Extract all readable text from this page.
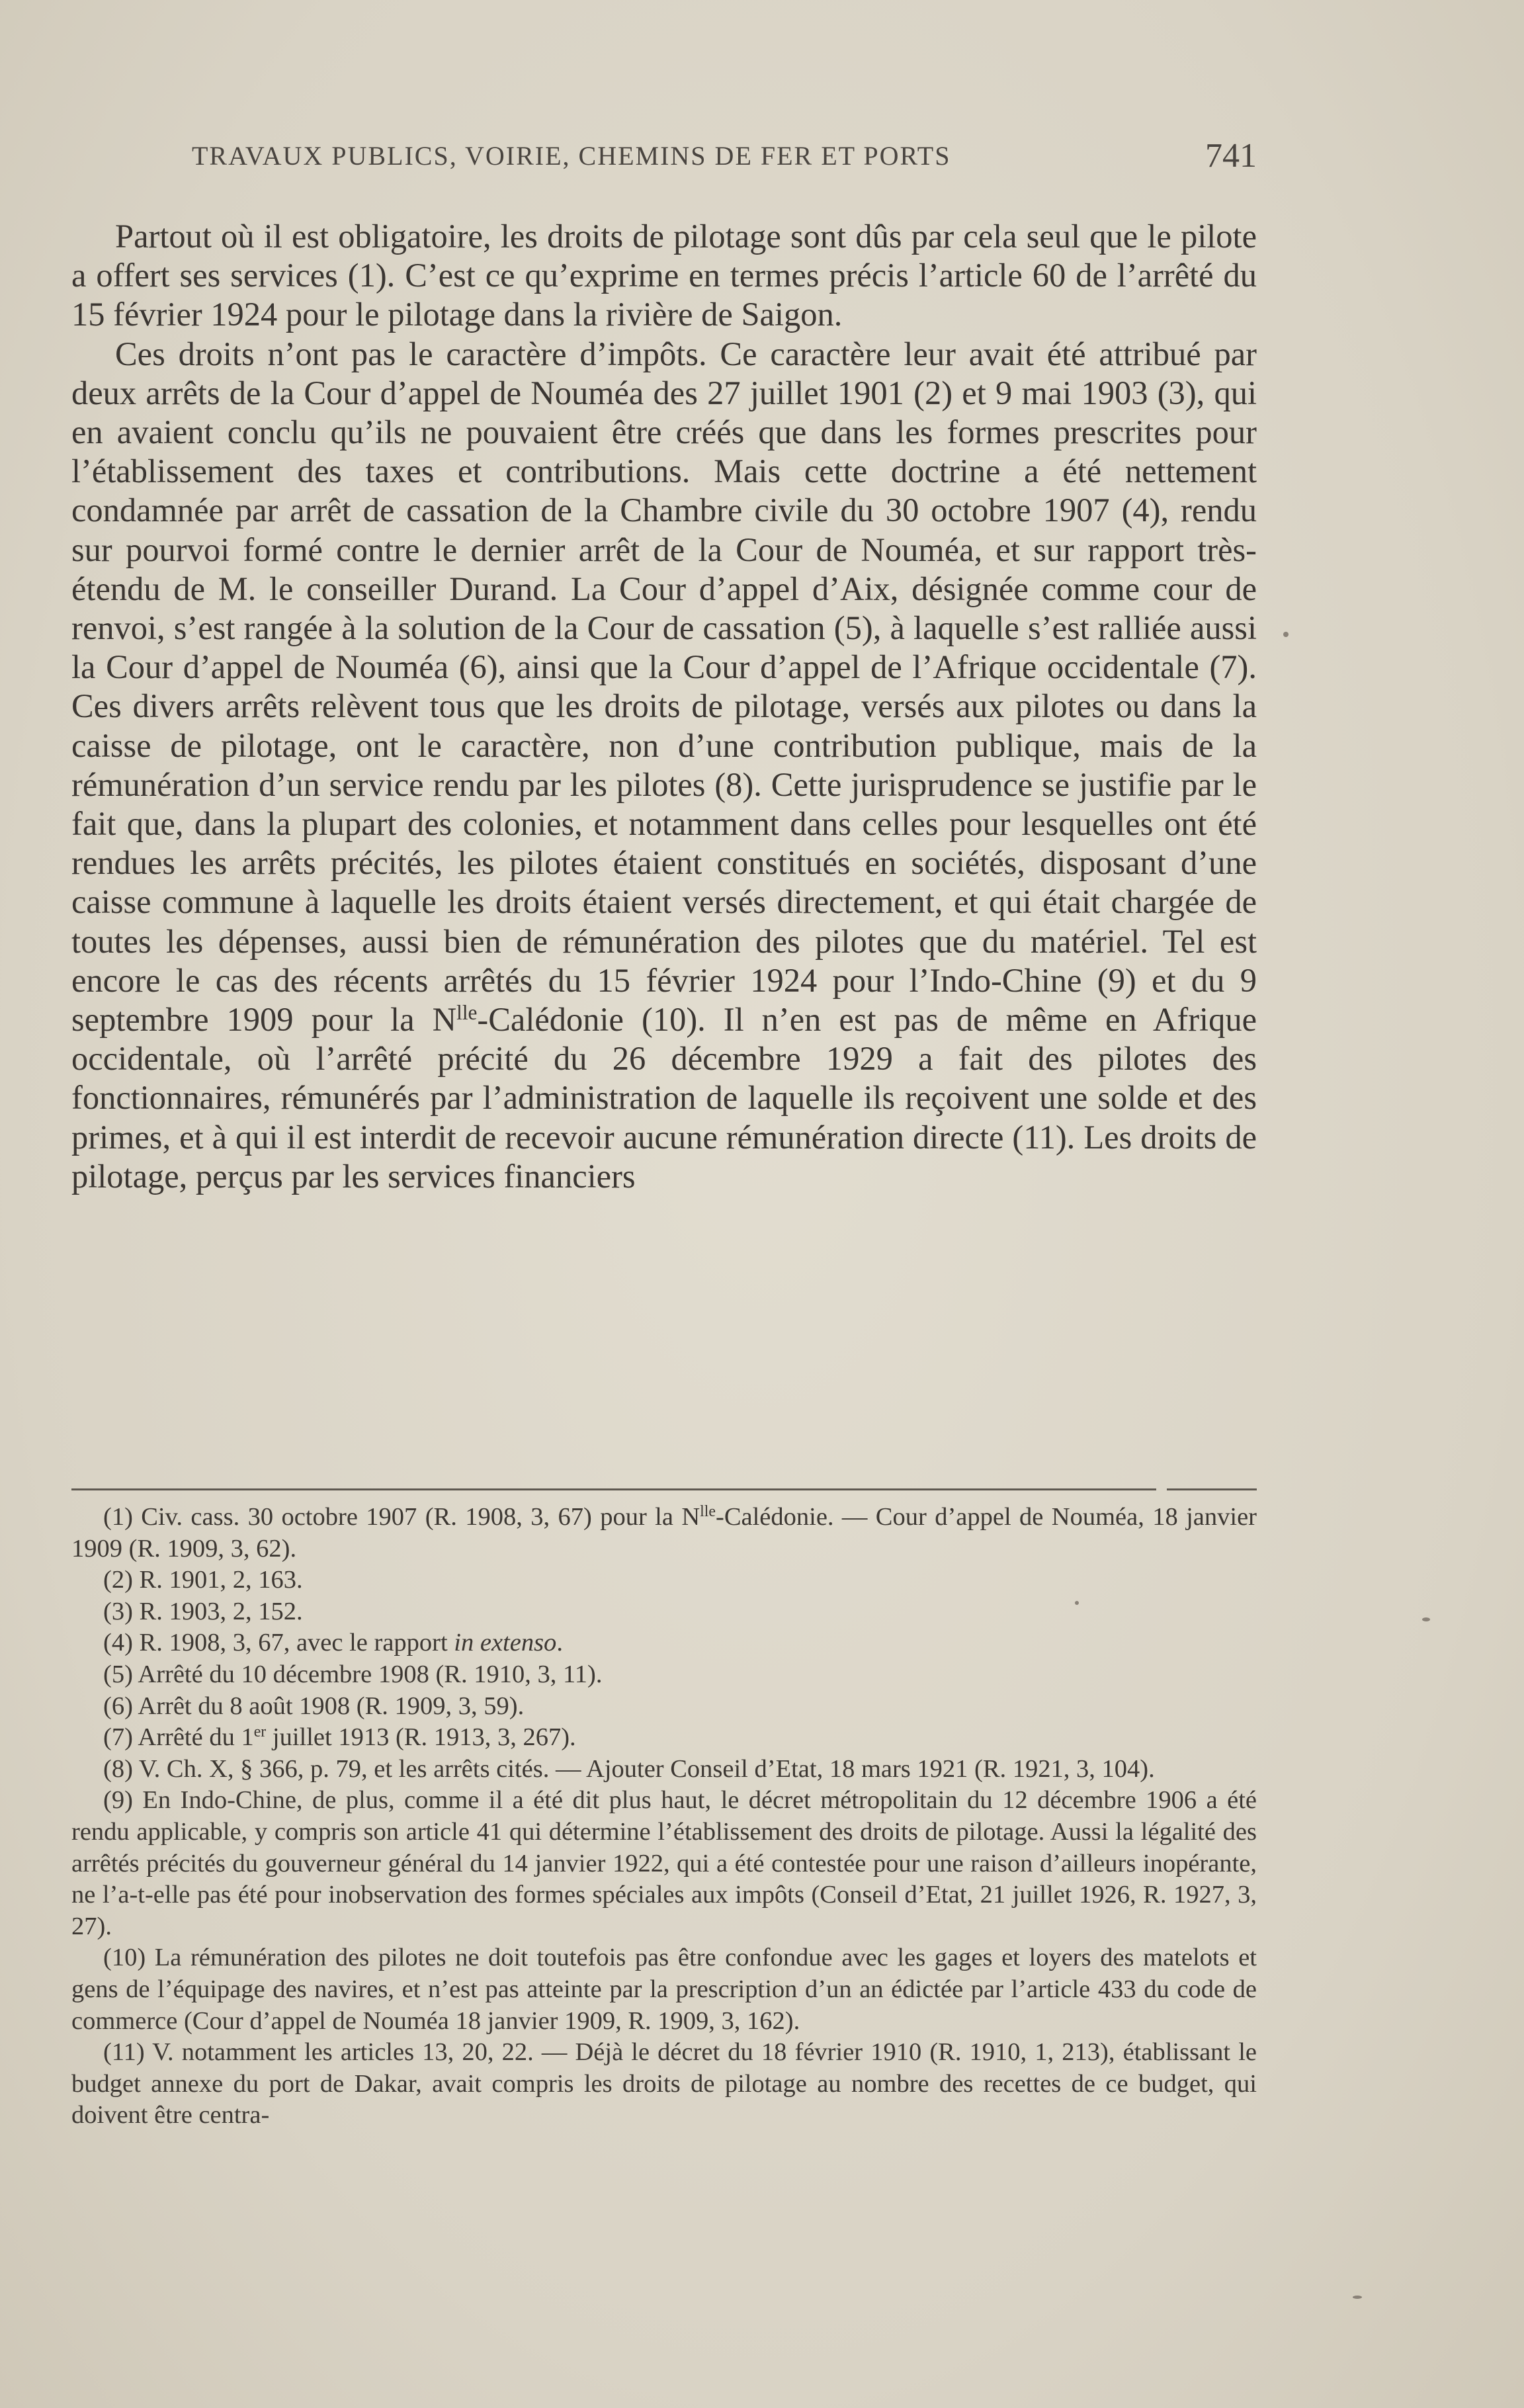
TRAVAUX PUBLICS, VOIRIE, CHEMINS DE FER ET PORTS	741

Partout où il est obligatoire, les droits de pilotage sont dûs par cela seul que le pilote a offert ses services (1). C’est ce qu’exprime en termes précis l’article 60 de l’arrêté du 15 février 1924 pour le pilotage dans la rivière de Saigon.

Ces droits n’ont pas le caractère d’impôts. Ce caractère leur avait été attribué par deux arrêts de la Cour d’appel de Nouméa des 27 juillet 1901 (2) et 9 mai 1903 (3), qui en avaient conclu qu’ils ne pouvaient être créés que dans les formes prescrites pour l’établissement des taxes et contributions. Mais cette doctrine a été nettement condamnée par arrêt de cassation de la Chambre civile du 30 octobre 1907 (4), rendu sur pourvoi formé contre le dernier arrêt de la Cour de Nouméa, et sur rapport très-étendu de M. le conseiller Durand. La Cour d’appel d’Aix, désignée comme cour de renvoi, s’est rangée à la solution de la Cour de cassation (5), à laquelle s’est ralliée aussi la Cour d’appel de Nouméa (6), ainsi que la Cour d’appel de l’Afrique occidentale (7). Ces divers arrêts relèvent tous que les droits de pilotage, versés aux pilotes ou dans la caisse de pilotage, ont le caractère, non d’une contribution publique, mais de la rémunération d’un service rendu par les pilotes (8). Cette jurisprudence se justifie par le fait que, dans la plupart des colonies, et notamment dans celles pour lesquelles ont été rendues les arrêts précités, les pilotes étaient constitués en sociétés, disposant d’une caisse commune à laquelle les droits étaient versés directement, et qui était chargée de toutes les dépenses, aussi bien de rémunération des pilotes que du matériel. Tel est encore le cas des récents arrêtés du 15 février 1924 pour l’Indo-Chine (9) et du 9 septembre 1909 pour la $N^{lle}$-Calédonie (10). Il n’en est pas de même en Afrique occidentale, où l’arrêté précité du 26 décembre 1929 a fait des pilotes des fonctionnaires, rémunérés par l’administration de laquelle ils reçoivent une solde et des primes, et à qui il est interdit de recevoir aucune rémunération directe (11). Les droits de pilotage, perçus par les services financiers

(1) Civ. cass. 30 octobre 1907 (R. 1908, 3, 67) pour la $N^{lle}$-Calédonie. — Cour d’appel de Nouméa, 18 janvier 1909 (R. 1909, 3, 62).

(2) R. 1901, 2, 163.

(3) R. 1903, 2, 152.

(4) R. 1908, 3, 67, avec le rapport in extenso.

(5) Arrêté du 10 décembre 1908 (R. 1910, 3, 11).

(6) Arrêt du 8 août 1908 (R. 1909, 3, 59).

(7) Arrêté du 1er juillet 1913 (R. 1913, 3, 267).

(8) V. Ch. X, § 366, p. 79, et les arrêts cités. — Ajouter Conseil d’Etat, 18 mars 1921 (R. 1921, 3, 104).

(9) En Indo-Chine, de plus, comme il a été dit plus haut, le décret métropolitain du 12 décembre 1906 a été rendu applicable, y compris son article 41 qui détermine l’établissement des droits de pilotage. Aussi la légalité des arrêtés précités du gouverneur général du 14 janvier 1922, qui a été contestée pour une raison d’ailleurs inopérante, ne l’a-t-elle pas été pour inobservation des formes spéciales aux impôts (Conseil d’Etat, 21 juillet 1926, R. 1927, 3, 27).

(10) La rémunération des pilotes ne doit toutefois pas être confondue avec les gages et loyers des matelots et gens de l’équipage des navires, et n’est pas atteinte par la prescription d’un an édictée par l’article 433 du code de commerce (Cour d’appel de Nouméa 18 janvier 1909, R. 1909, 3, 162).

(11) V. notamment les articles 13, 20, 22. — Déjà le décret du 18 février 1910 (R. 1910, 1, 213), établissant le budget annexe du port de Dakar, avait compris les droits de pilotage au nombre des recettes de ce budget, qui doivent être centra-
